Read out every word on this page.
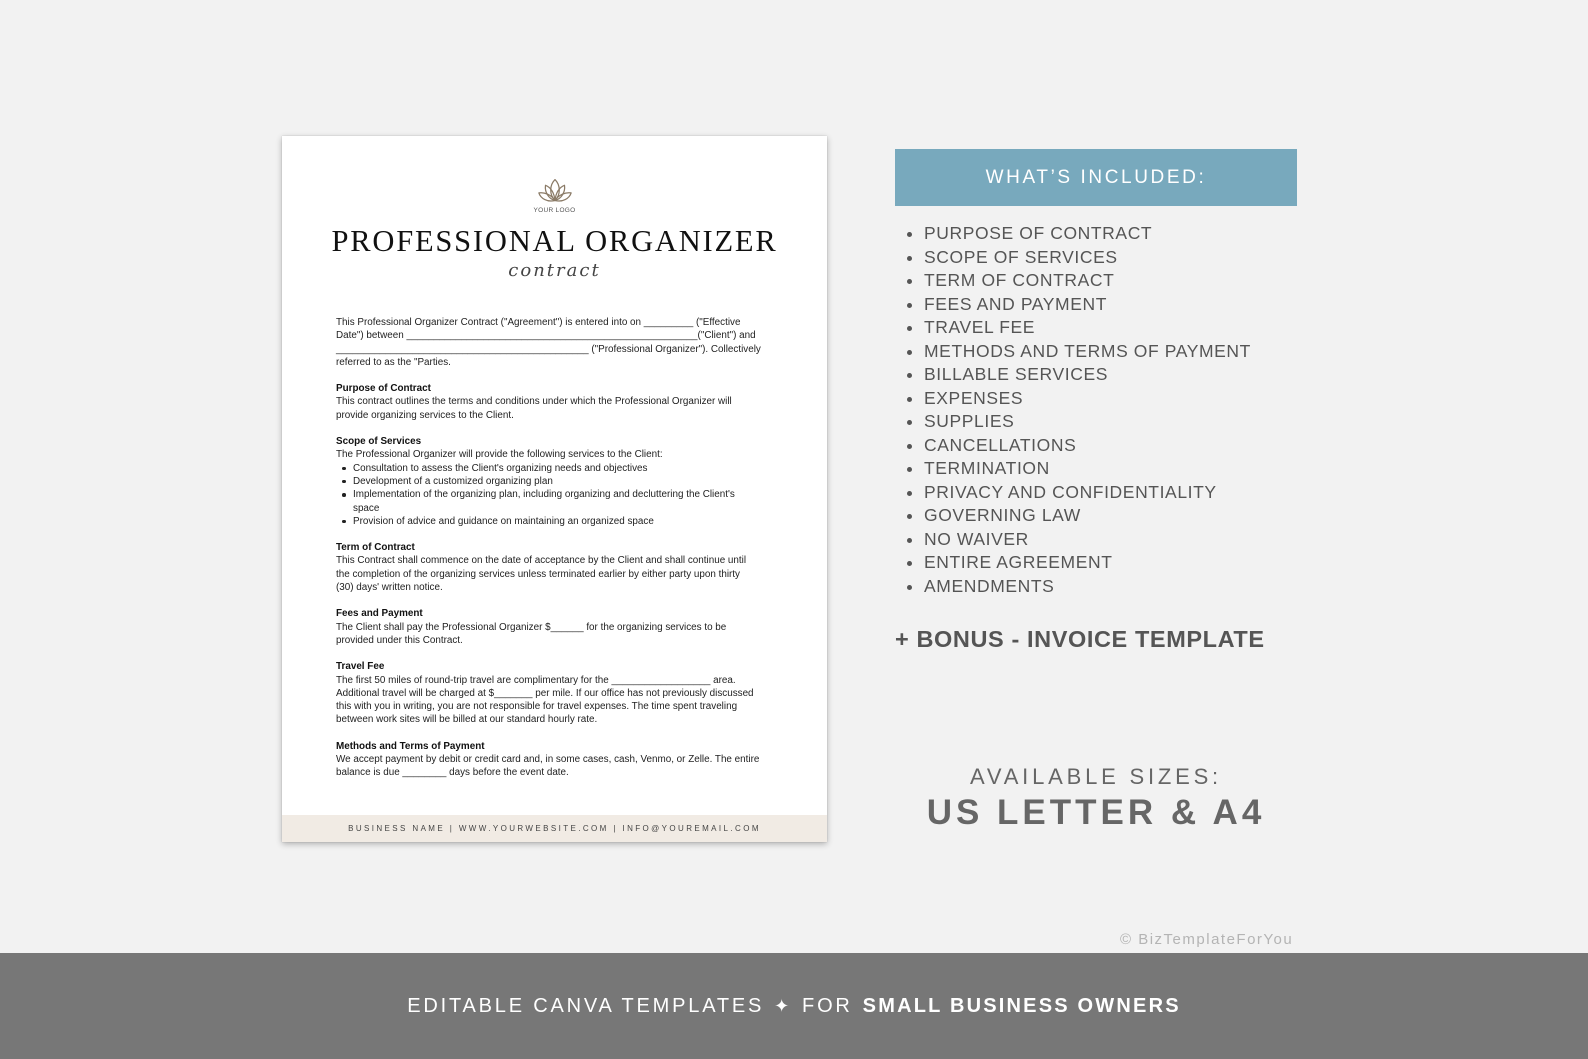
YOUR LOGO
PROFESSIONAL ORGANIZER
contract

This Professional Organizer Contract ("Agreement") is entered into on _________ ("Effective

Date") between _____________________________________________________("Client") and

______________________________________________ ("Professional Organizer"). Collectively

referred to as the "Parties.

Purpose of Contract

This contract outlines the terms and conditions under which the Professional Organizer will

provide organizing services to the Client.

Scope of Services

The Professional Organizer will provide the following services to the Client:

Consultation to assess the Client's organizing needs and objectives
Development of a customized organizing plan
Implementation of the organizing plan, including organizing and decluttering the Client's
space
Provision of advice and guidance on maintaining an organized space
Term of Contract

This Contract shall commence on the date of acceptance by the Client and shall continue until

the completion of the organizing services unless terminated earlier by either party upon thirty

(30) days' written notice.

Fees and Payment

The Client shall pay the Professional Organizer $______ for the organizing services to be

provided under this Contract.

Travel Fee

The first 50 miles of round-trip travel are complimentary for the __________________ area.

Additional travel will be charged at $_______ per mile. If our office has not previously discussed

this with you in writing, you are not responsible for travel expenses. The time spent traveling

between work sites will be billed at our standard hourly rate.

Methods and Terms of Payment

We accept payment by debit or credit card and, in some cases, cash, Venmo, or Zelle. The entire

balance is due ________ days before the event date.

BUSINESS NAME | WWW.YOURWEBSITE.COM | INFO@YOUREMAIL.COM
WHAT’S INCLUDED:
PURPOSE OF CONTRACT
SCOPE OF SERVICES
TERM OF CONTRACT
FEES AND PAYMENT
TRAVEL FEE
METHODS AND TERMS OF PAYMENT
BILLABLE SERVICES
EXPENSES
SUPPLIES
CANCELLATIONS
TERMINATION
PRIVACY AND CONFIDENTIALITY
GOVERNING LAW
NO WAIVER
ENTIRE AGREEMENT
AMENDMENTS
+ BONUS - INVOICE TEMPLATE
AVAILABLE SIZES:
US LETTER & A4
© BizTemplateForYou
EDITABLE CANVA TEMPLATES ✦ FOR SMALL BUSINESS OWNERS
